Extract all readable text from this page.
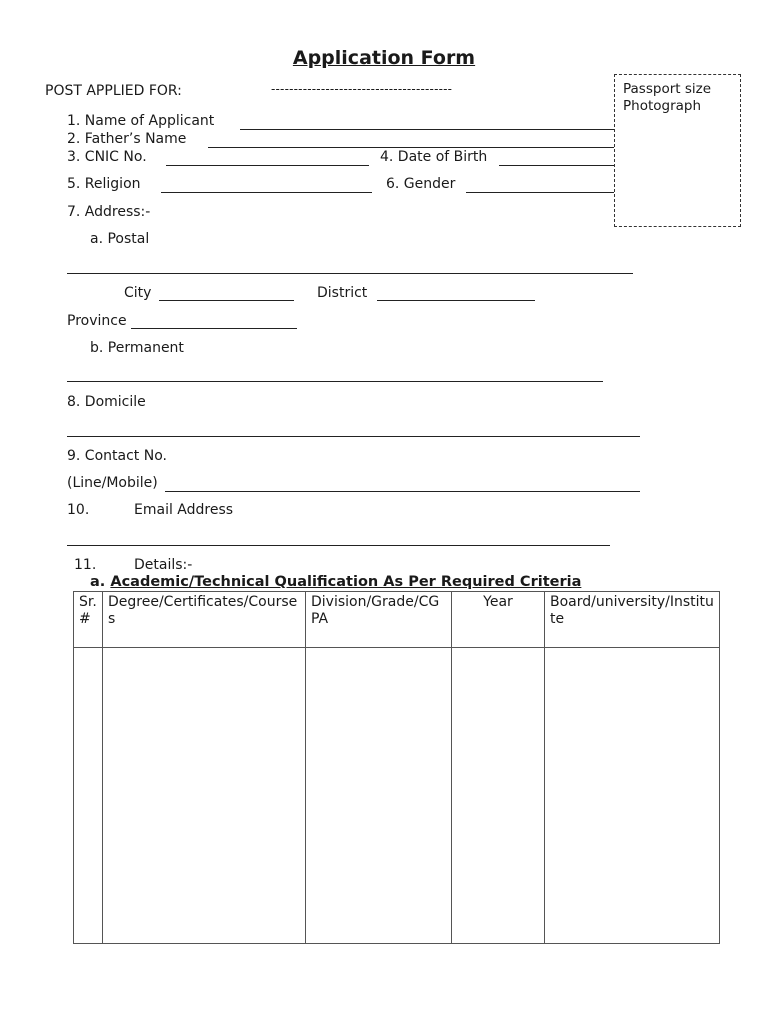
Application Form
POST APPLIED FOR:	----------------------------------------	Passport size Photograph
1. Name of Applicant
2. Father’s Name
3. CNIC No.	4. Date of Birth
5. Religion	6. Gender
7. Address:-
a. Postal
City	District
Province
b. Permanent
8. Domicile
9. Contact No.
(Line/Mobile)
10.	Email Address
11.	Details:-
a. Academic/Technical Qualification As Per Required Criteria
Sr. #	Degree/Certificates/Courses	Division/Grade/CGPA	Year	Board/university/Institute
